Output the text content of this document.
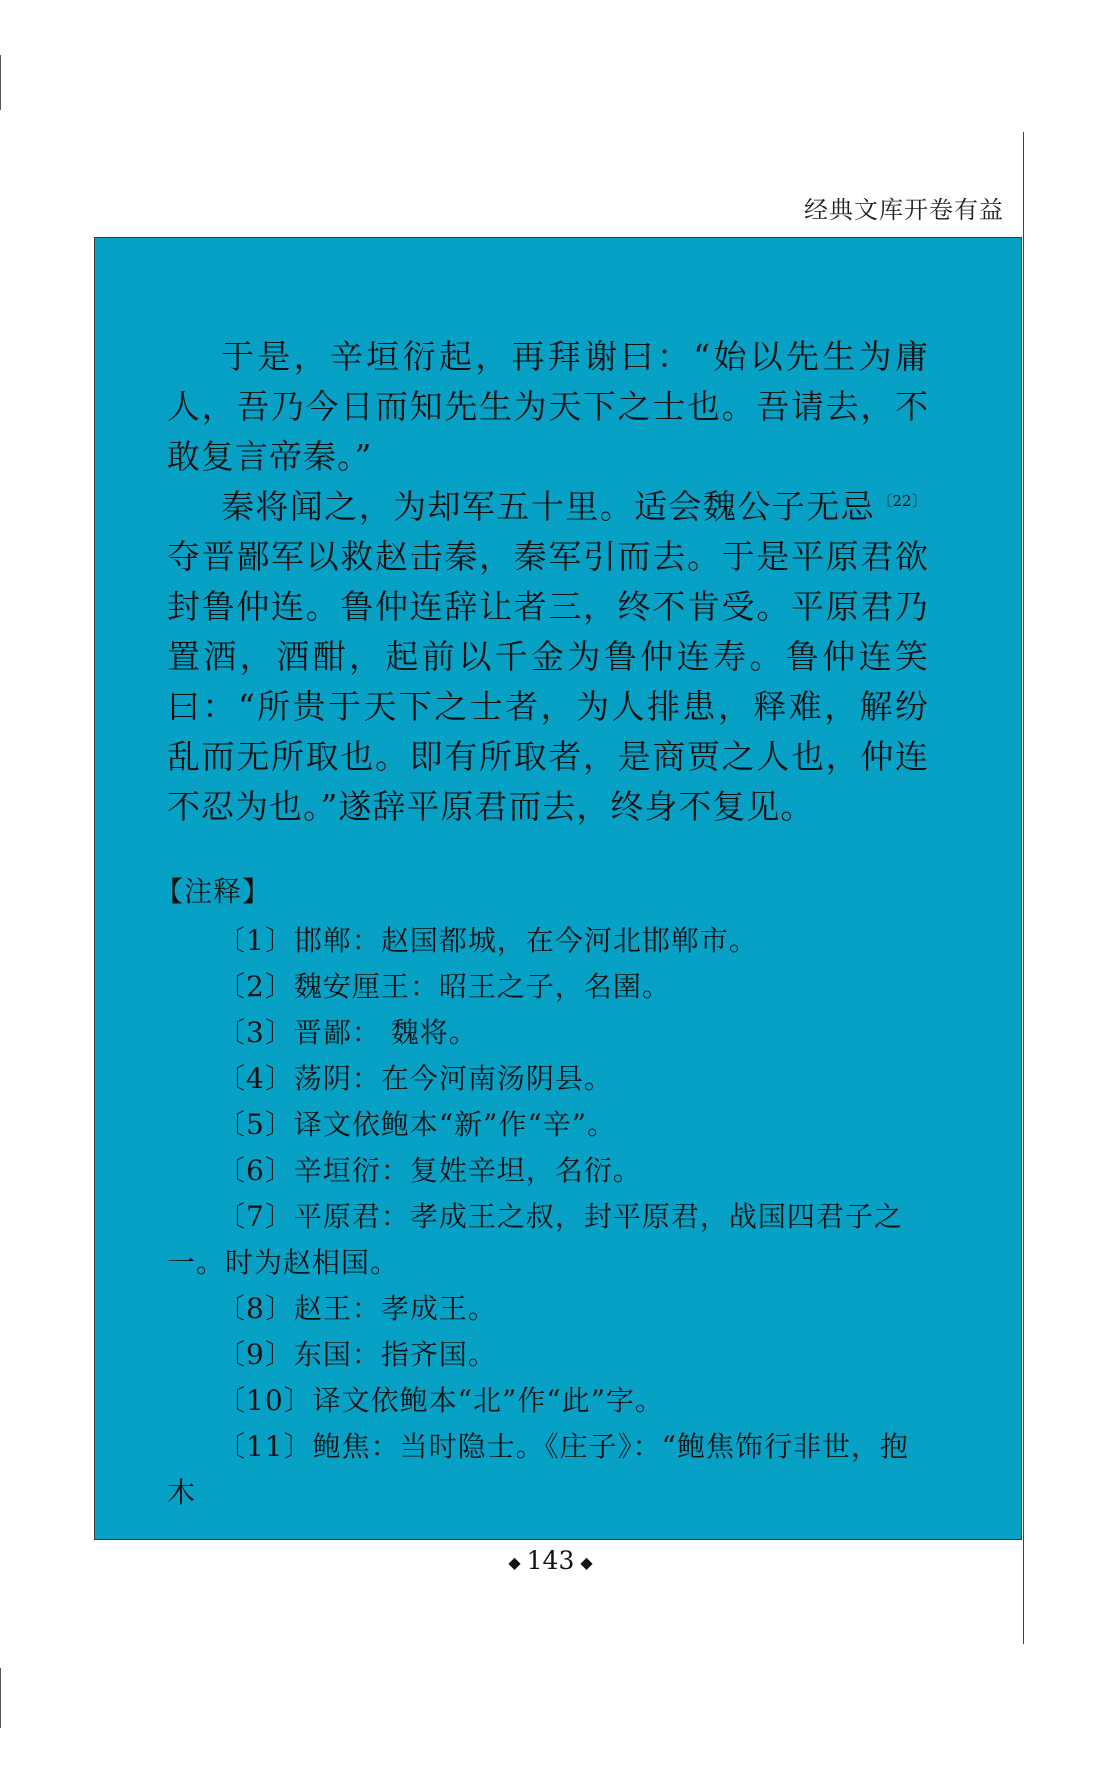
经典文库开卷有益

于是，辛垣衍起，再拜谢曰：“始以先生为庸人，吾乃今日而知先生为天下之士也。吾请去，不敢复言帝秦。”

秦将闻之，为却军五十里。适会魏公子无忌 $^{〔22〕}$夺晋鄙军以救赵击秦，秦军引而去。于是平原君欲封鲁仲连。鲁仲连辞让者三，终不肯受。平原君乃置酒，酒酣，起前以千金为鲁仲连寿。鲁仲连笑曰：“所贵于天下之士者，为人排患，释难，解纷乱而无所取也。即有所取者，是商贾之人也，仲连不忍为也。”遂辞平原君而去，终身不复见。

【注释】

〔1〕邯郸：赵国都城，在今河北邯郸市。

〔2〕魏安厘王：昭王之子，名圉。

〔3〕晋鄙： 魏将。

〔4〕荡阴：在今河南汤阴县。

〔5〕译文依鲍本“新”作“辛”。

〔6〕辛垣衍：复姓辛坦，名衍。

〔7〕平原君：孝成王之叔，封平原君，战国四君子之一。时为赵相国。

〔8〕赵王：孝成王。

〔9〕东国：指齐国。

〔10〕译文依鲍本“北”作“此”字。

〔11〕鲍焦：当时隐士。《庄子》：“鲍焦饰行非世，抱木

◆ 143 ◆
